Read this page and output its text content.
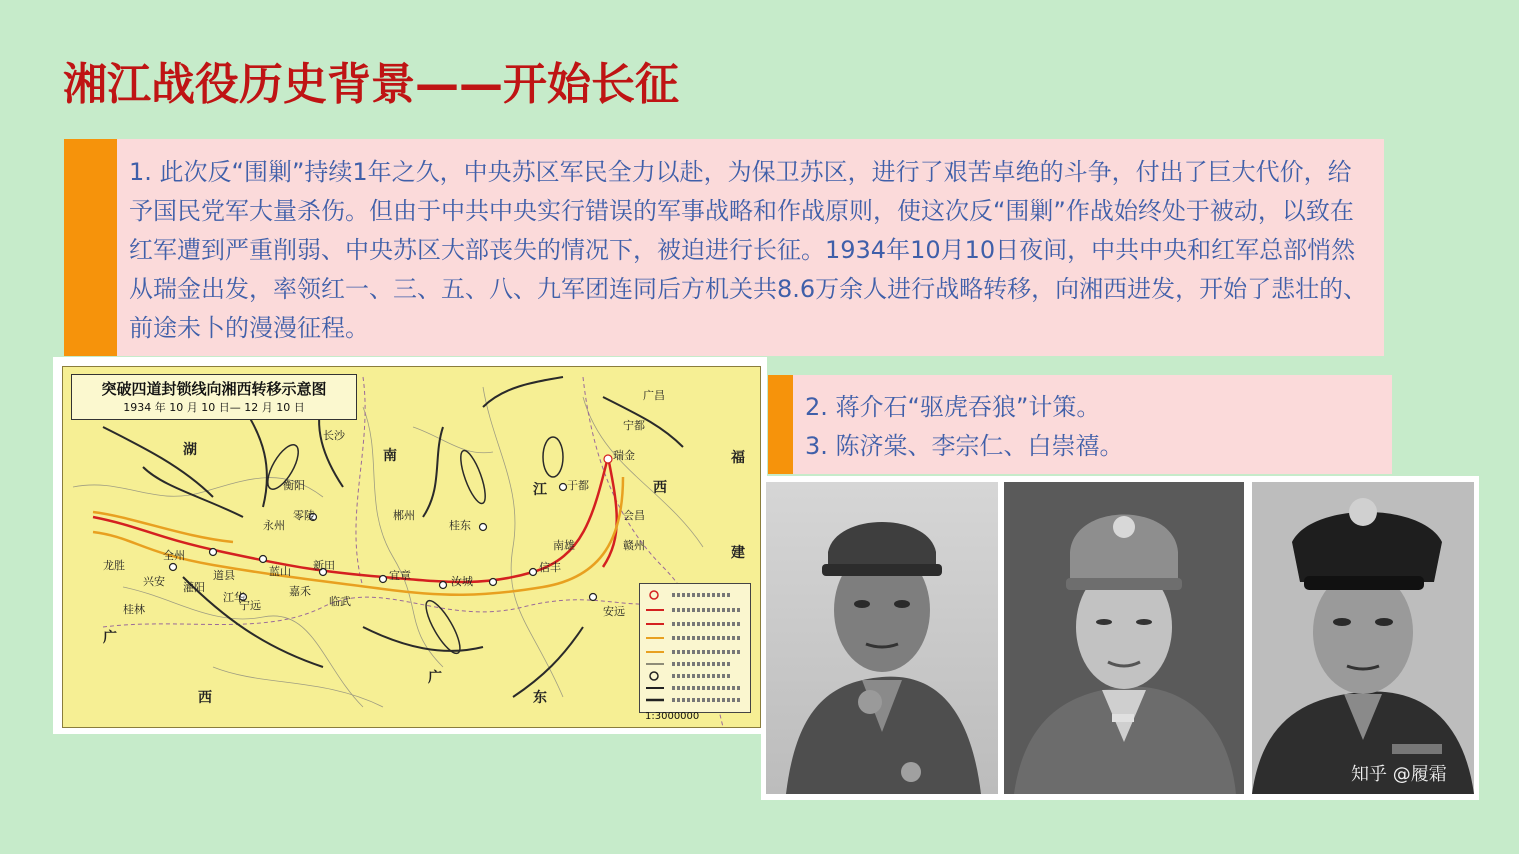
湘江战役历史背景——开始长征
1. 此次反“围剿”持续1年之久，中央苏区军民全力以赴，为保卫苏区，进行了艰苦卓绝的斗争，付出了巨大代价，给予国民党军大量杀伤。但由于中共中央实行错误的军事战略和作战原则，使这次反“围剿”作战始终处于被动，以致在红军遭到严重削弱、中央苏区大部丧失的情况下，被迫进行长征。1934年10月10日夜间，中共中央和红军总部悄然从瑞金出发，率领红一、三、五、八、九军团连同后方机关共8.6万余人进行战略转移，向湘西进发，开始了悲壮的、前途未卜的漫漫征程。
突破四道封锁线向湘西转移示意图
1934 年 10 月 10 日— 12 月 10 日
湖	南
江	西
福
建
广
西
广
东
瑞金
于都
会昌
安远
信丰
桂东
汝城
宜章
临武
嘉禾
蓝山
道县
江华
全州
兴安 灌阳
桂林
龙胜
永州
零陵	郴州
赣州
南雄
宁都
广昌
长沙
衡阳
宁远
新田
1:3000000
2. 蒋介石“驱虎吞狼”计策。
3. 陈济棠、李宗仁、白崇禧。
知乎 @履霜
